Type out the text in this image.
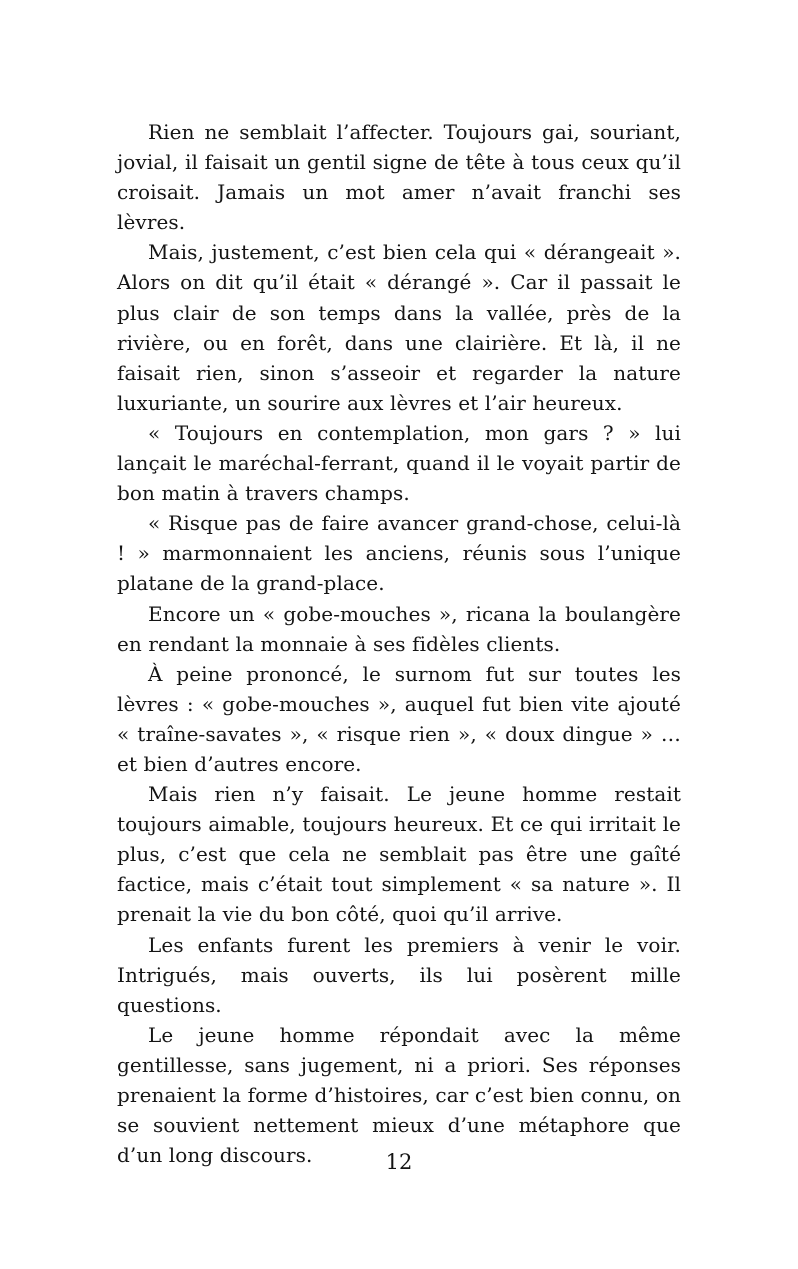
Rien ne semblait l’affecter. Toujours gai, souriant, jovial, il faisait un gentil signe de tête à tous ceux qu’il croisait. Jamais un mot amer n’avait franchi ses lèvres.

Mais, justement, c’est bien cela qui « dérangeait ». Alors on dit qu’il était « dérangé ». Car il passait le plus clair de son temps dans la vallée, près de la rivière, ou en forêt, dans une clairière. Et là, il ne faisait rien, sinon s’asseoir et regarder la nature luxuriante, un sourire aux lèvres et l’air heureux.

« Toujours en contemplation, mon gars ? » lui lançait le maréchal-ferrant, quand il le voyait partir de bon matin à travers champs.

« Risque pas de faire avancer grand-chose, celui-là ! » marmonnaient les anciens, réunis sous l’unique platane de la grand-place.

Encore un « gobe-mouches », ricana la boulangère en rendant la monnaie à ses fidèles clients.

À peine prononcé, le surnom fut sur toutes les lèvres : « gobe-mouches », auquel fut bien vite ajouté « traîne-savates », « risque rien », « doux dingue » … et bien d’autres encore.

Mais rien n’y faisait. Le jeune homme restait toujours aimable, toujours heureux. Et ce qui irritait le plus, c’est que cela ne semblait pas être une gaîté factice, mais c’était tout simplement « sa nature ». Il prenait la vie du bon côté, quoi qu’il arrive.

Les enfants furent les premiers à venir le voir. Intrigués, mais ouverts, ils lui posèrent mille questions.

Le jeune homme répondait avec la même gentillesse, sans jugement, ni a priori. Ses réponses prenaient la forme d’histoires, car c’est bien connu, on se souvient nettement mieux d’une métaphore que d’un long discours.	12
